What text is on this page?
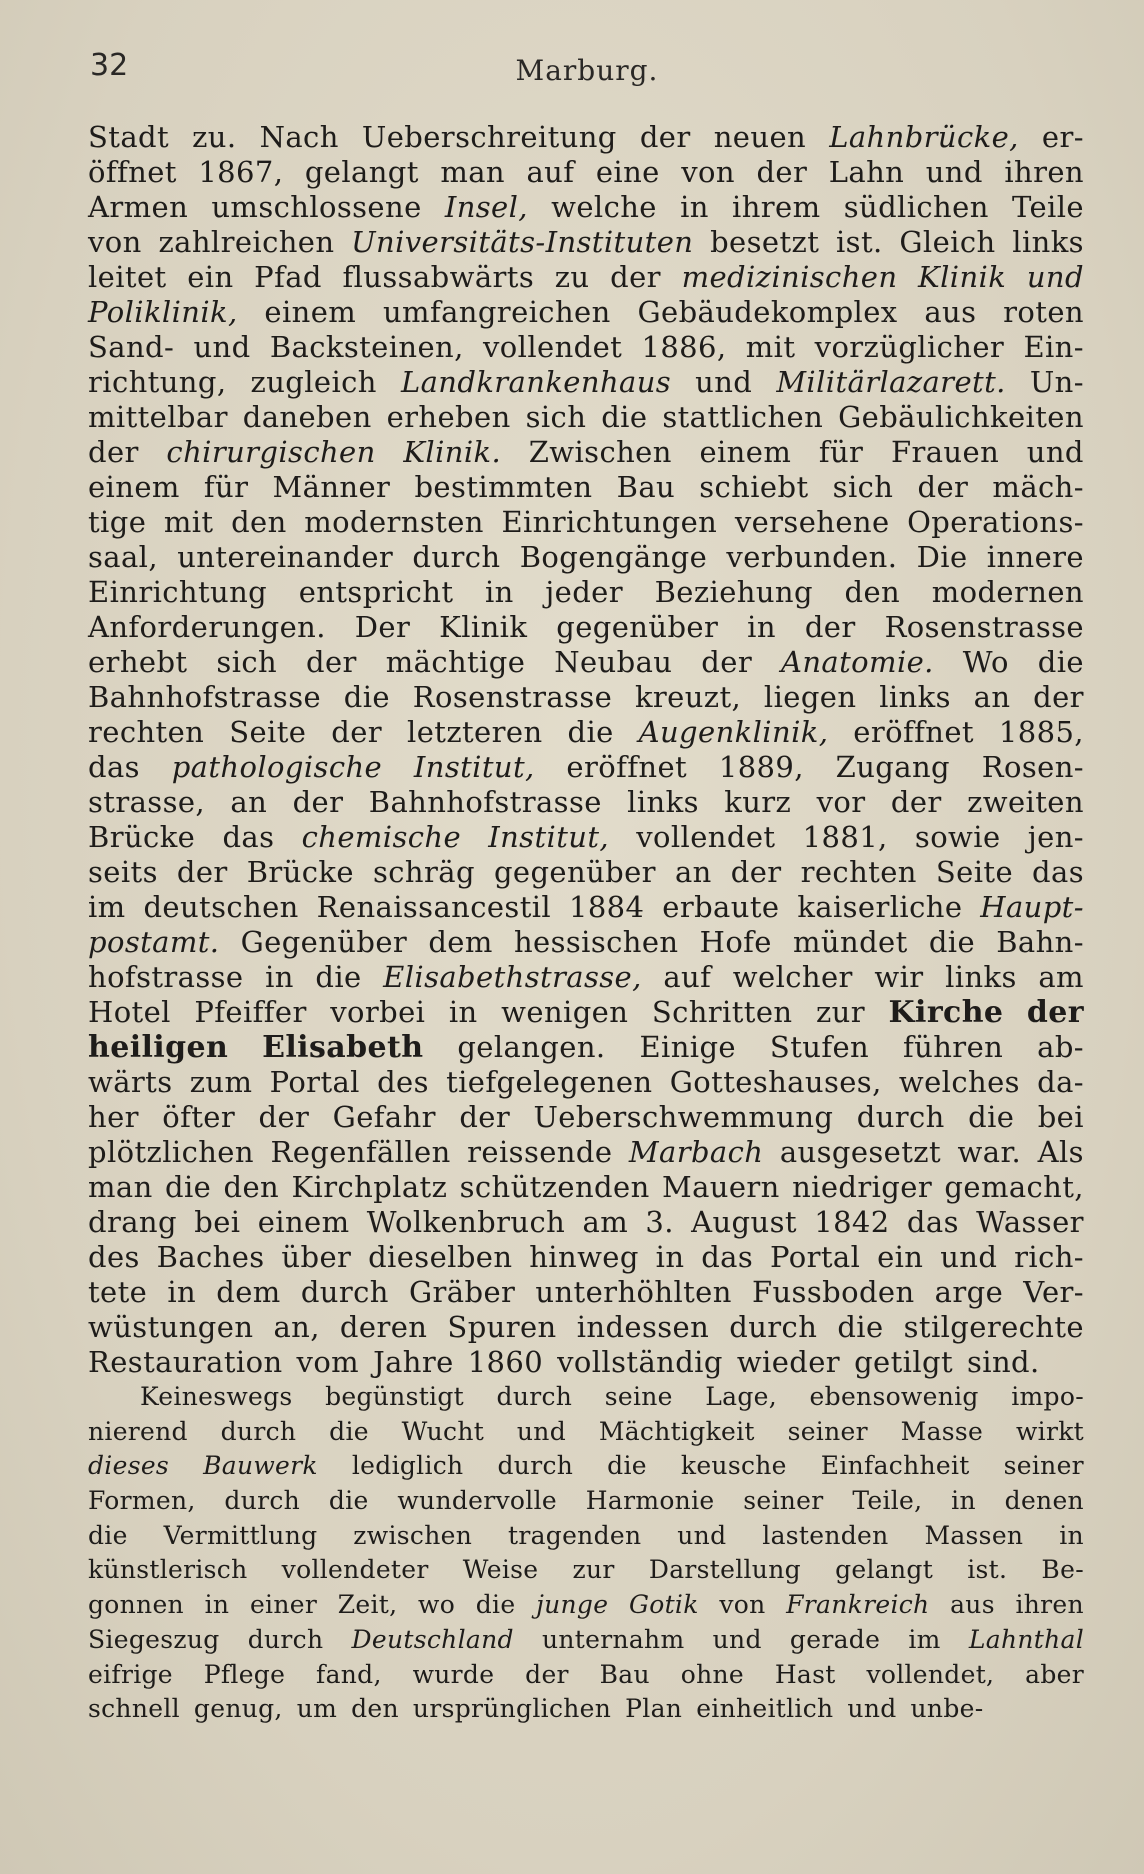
32	Marburg.
Stadt zu. Nach Ueberschreitung der neuen Lahnbrücke, er-
öffnet 1867, gelangt man auf eine von der Lahn und ihren
Armen umschlossene Insel, welche in ihrem südlichen Teile
von zahlreichen Universitäts-Instituten besetzt ist. Gleich links
leitet ein Pfad flussabwärts zu der medizinischen Klinik und
Poliklinik, einem umfangreichen Gebäudekomplex aus roten
Sand- und Backsteinen, vollendet 1886, mit vorzüglicher Ein-
richtung, zugleich Landkrankenhaus und Militärlazarett. Un-
mittelbar daneben erheben sich die stattlichen Gebäulichkeiten
der chirurgischen Klinik. Zwischen einem für Frauen und
einem für Männer bestimmten Bau schiebt sich der mäch-
tige mit den modernsten Einrichtungen versehene Operations-
saal, untereinander durch Bogengänge verbunden. Die innere
Einrichtung entspricht in jeder Beziehung den modernen
Anforderungen. Der Klinik gegenüber in der Rosenstrasse
erhebt sich der mächtige Neubau der Anatomie. Wo die
Bahnhofstrasse die Rosenstrasse kreuzt, liegen links an der
rechten Seite der letzteren die Augenklinik, eröffnet 1885,
das pathologische Institut, eröffnet 1889, Zugang Rosen-
strasse, an der Bahnhofstrasse links kurz vor der zweiten
Brücke das chemische Institut, vollendet 1881, sowie jen-
seits der Brücke schräg gegenüber an der rechten Seite das
im deutschen Renaissancestil 1884 erbaute kaiserliche Haupt-
postamt. Gegenüber dem hessischen Hofe mündet die Bahn-
hofstrasse in die Elisabethstrasse, auf welcher wir links am
Hotel Pfeiffer vorbei in wenigen Schritten zur Kirche der
heiligen Elisabeth gelangen. Einige Stufen führen ab-
wärts zum Portal des tiefgelegenen Gotteshauses, welches da-
her öfter der Gefahr der Ueberschwemmung durch die bei
plötzlichen Regenfällen reissende Marbach ausgesetzt war. Als
man die den Kirchplatz schützenden Mauern niedriger gemacht,
drang bei einem Wolkenbruch am 3. August 1842 das Wasser
des Baches über dieselben hinweg in das Portal ein und rich-
tete in dem durch Gräber unterhöhlten Fussboden arge Ver-
wüstungen an, deren Spuren indessen durch die stilgerechte
Restauration vom Jahre 1860 vollständig wieder getilgt sind.
Keineswegs begünstigt durch seine Lage, ebensowenig impo-
nierend durch die Wucht und Mächtigkeit seiner Masse wirkt
dieses Bauwerk lediglich durch die keusche Einfachheit seiner
Formen, durch die wundervolle Harmonie seiner Teile, in denen
die Vermittlung zwischen tragenden und lastenden Massen in
künstlerisch vollendeter Weise zur Darstellung gelangt ist. Be-
gonnen in einer Zeit, wo die junge Gotik von Frankreich aus ihren
Siegeszug durch Deutschland unternahm und gerade im Lahnthal
eifrige Pflege fand, wurde der Bau ohne Hast vollendet, aber
schnell genug, um den ursprünglichen Plan einheitlich und unbe-
